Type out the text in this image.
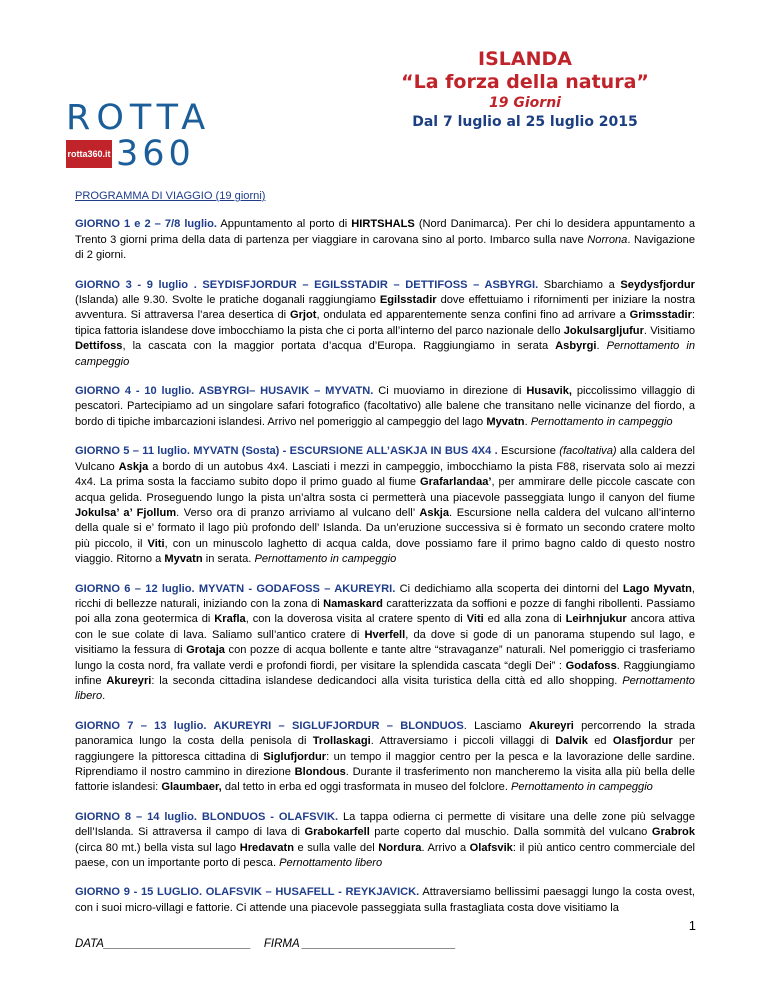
ROTTA
rotta360.it 360
ISLANDA
“La forza della natura”
19 Giorni
Dal 7 luglio al 25 luglio 2015
PROGRAMMA DI VIAGGIO (19 giorni)
GIORNO 1 e 2 – 7/8 luglio. Appuntamento al porto di HIRTSHALS (Nord Danimarca). Per chi lo desidera appuntamento a Trento 3 giorni prima della data di partenza per viaggiare in carovana sino al porto. Imbarco sulla nave Norrona. Navigazione di 2 giorni.
GIORNO 3 - 9 luglio . SEYDISFJORDUR – EGILSSTADIR – DETTIFOSS – ASBYRGI. Sbarchiamo a Seydysfjordur (Islanda) alle 9.30. Svolte le pratiche doganali raggiungiamo Egilsstadir dove effettuiamo i rifornimenti per iniziare la nostra avventura. Si attraversa l’area desertica di Grjot, ondulata ed apparentemente senza confini fino ad arrivare a Grimsstadir: tipica fattoria islandese dove imbocchiamo la pista che ci porta all’interno del parco nazionale dello Jokulsargljufur. Visitiamo Dettifoss, la cascata con la maggior portata d’acqua d’Europa. Raggiungiamo in serata Asbyrgi. Pernottamento in campeggio
GIORNO 4 - 10 luglio. ASBYRGI– HUSAVIK – MYVATN. Ci muoviamo in direzione di Husavik, piccolissimo villaggio di pescatori. Partecipiamo ad un singolare safari fotografico (facoltativo) alle balene che transitano nelle vicinanze del fiordo, a bordo di tipiche imbarcazioni islandesi. Arrivo nel pomeriggio al campeggio del lago Myvatn. Pernottamento in campeggio
GIORNO 5 – 11 luglio. MYVATN (Sosta) - ESCURSIONE ALL’ASKJA IN BUS 4X4 . Escursione (facoltativa) alla caldera del Vulcano Askja a bordo di un autobus 4x4. Lasciati i mezzi in campeggio, imbocchiamo la pista F88, riservata solo ai mezzi 4x4. La prima sosta la facciamo subito dopo il primo guado al fiume Grafarlandaa’, per ammirare delle piccole cascate con acqua gelida. Proseguendo lungo la pista un’altra sosta ci permetterà una piacevole passeggiata lungo il canyon del fiume Jokulsa’ a’ Fjollum. Verso ora di pranzo arriviamo al vulcano dell’ Askja. Escursione nella caldera del vulcano all’interno della quale si e’ formato il lago più profondo dell’ Islanda. Da un’eruzione successiva si è formato un secondo cratere molto più piccolo, il Viti, con un minuscolo laghetto di acqua calda, dove possiamo fare il primo bagno caldo di questo nostro viaggio. Ritorno a Myvatn in serata. Pernottamento in campeggio
GIORNO 6 – 12 luglio. MYVATN - GODAFOSS – AKUREYRI. Ci dedichiamo alla scoperta dei dintorni del Lago Myvatn, ricchi di bellezze naturali, iniziando con la zona di Namaskard caratterizzata da soffioni e pozze di fanghi ribollenti. Passiamo poi alla zona geotermica di Krafla, con la doverosa visita al cratere spento di Viti ed alla zona di Leirhnjukur ancora attiva con le sue colate di lava. Saliamo sull’antico cratere di Hverfell, da dove si gode di un panorama stupendo sul lago, e visitiamo la fessura di Grotaja con pozze di acqua bollente e tante altre “stravaganze” naturali. Nel pomeriggio ci trasferiamo lungo la costa nord, fra vallate verdi e profondi fiordi, per visitare la splendida cascata “degli Dei” : Godafoss. Raggiungiamo infine Akureyri: la seconda cittadina islandese dedicandoci alla visita turistica della città ed allo shopping. Pernottamento libero.
GIORNO 7 – 13 luglio. AKUREYRI – SIGLUFJORDUR – BLONDUOS. Lasciamo Akureyri percorrendo la strada panoramica lungo la costa della penisola di Trollaskagi. Attraversiamo i piccoli villaggi di Dalvik ed Olasfjordur per raggiungere la pittoresca cittadina di Siglufjordur: un tempo il maggior centro per la pesca e la lavorazione delle sardine. Riprendiamo il nostro cammino in direzione Blondous. Durante il trasferimento non mancheremo la visita alla più bella delle fattorie islandesi: Glaumbaer, dal tetto in erba ed oggi trasformata in museo del folclore. Pernottamento in campeggio
GIORNO 8 – 14 luglio. BLONDUOS - OLAFSVIK. La tappa odierna ci permette di visitare una delle zone più selvagge dell’Islanda. Si attraversa il campo di lava di Grabokarfell parte coperto dal muschio. Dalla sommità del vulcano Grabrok (circa 80 mt.) bella vista sul lago Hredavatn e sulla valle del Nordura. Arrivo a Olafsvik: il più antico centro commerciale del paese, con un importante porto di pesca. Pernottamento libero
GIORNO 9 - 15 LUGLIO. OLAFSVIK – HUSAFELL - REYKJAVICK. Attraversiamo bellissimi paesaggi lungo la costa ovest, con i suoi micro-villagi e fattorie. Ci attende una piacevole passeggiata sulla frastagliata costa dove visitiamo la
1
DATA_______________________ FIRMA ________________________
